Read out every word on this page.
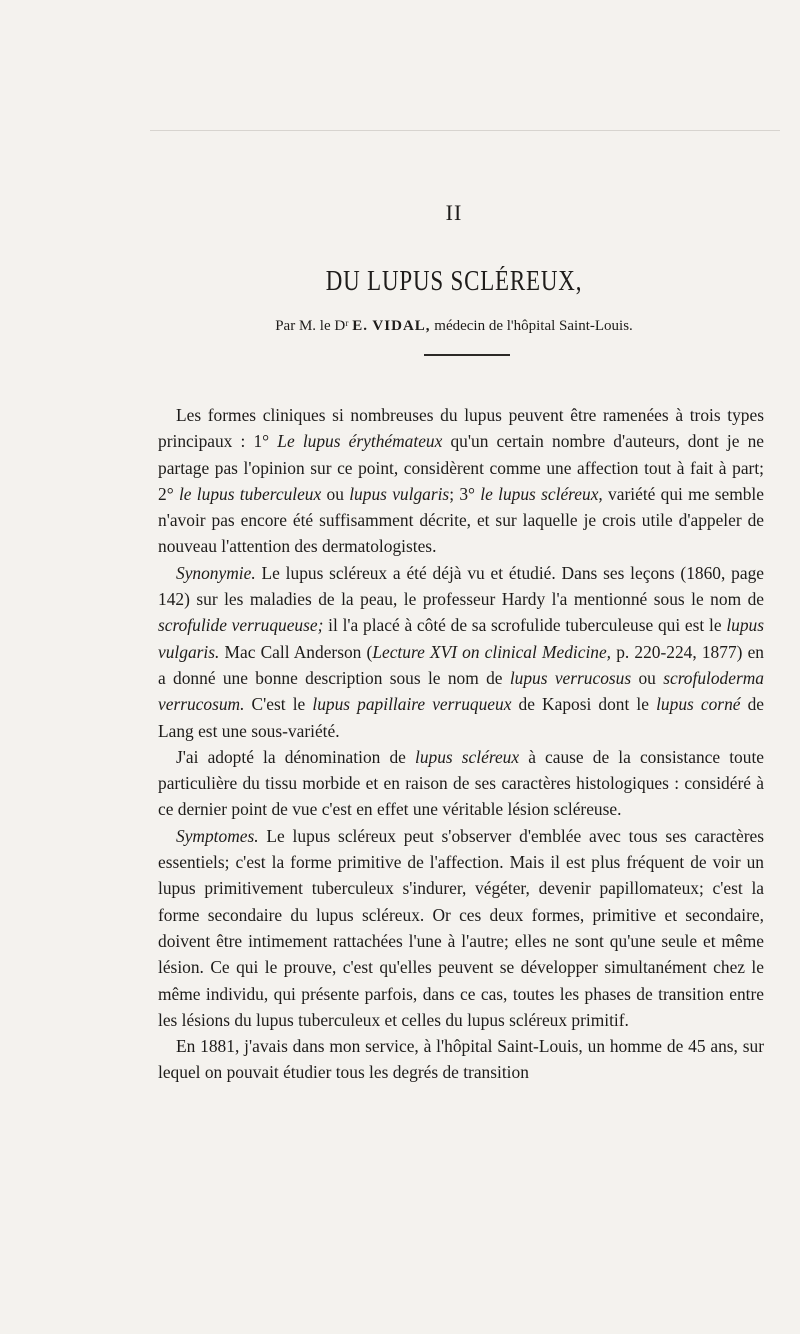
II
DU LUPUS SCLÉREUX,
Par M. le Dʳ E. VIDAL, médecin de l'hôpital Saint-Louis.

Les formes cliniques si nombreuses du lupus peuvent être ramenées à trois types principaux : 1° Le lupus érythémateux qu'un certain nombre d'auteurs, dont je ne partage pas l'opinion sur ce point, considèrent comme une affection tout à fait à part; 2° le lupus tuberculeux ou lupus vulgaris; 3° le lupus scléreux, variété qui me semble n'avoir pas encore été suffisamment décrite, et sur laquelle je crois utile d'appeler de nouveau l'attention des dermatologistes.

Synonymie. Le lupus scléreux a été déjà vu et étudié. Dans ses leçons (1860, page 142) sur les maladies de la peau, le professeur Hardy l'a mentionné sous le nom de scrofulide verruqueuse; il l'a placé à côté de sa scrofulide tuberculeuse qui est le lupus vulgaris. Mac Call Anderson (Lecture XVI on clinical Medicine, p. 220-224, 1877) en a donné une bonne description sous le nom de lupus verrucosus ou scrofuloderma verrucosum. C'est le lupus papillaire verruqueux de Kaposi dont le lupus corné de Lang est une sous-variété.

J'ai adopté la dénomination de lupus scléreux à cause de la consistance toute particulière du tissu morbide et en raison de ses caractères histologiques : considéré à ce dernier point de vue c'est en effet une véritable lésion scléreuse.

Symptomes. Le lupus scléreux peut s'observer d'emblée avec tous ses caractères essentiels; c'est la forme primitive de l'affection. Mais il est plus fréquent de voir un lupus primitivement tuberculeux s'indurer, végéter, devenir papillomateux; c'est la forme secondaire du lupus scléreux. Or ces deux formes, primitive et secondaire, doivent être intimement rattachées l'une à l'autre; elles ne sont qu'une seule et même lésion. Ce qui le prouve, c'est qu'elles peuvent se développer simultanément chez le même individu, qui présente parfois, dans ce cas, toutes les phases de transition entre les lésions du lupus tuberculeux et celles du lupus scléreux primitif.

En 1881, j'avais dans mon service, à l'hôpital Saint-Louis, un homme de 45 ans, sur lequel on pouvait étudier tous les degrés de transition
